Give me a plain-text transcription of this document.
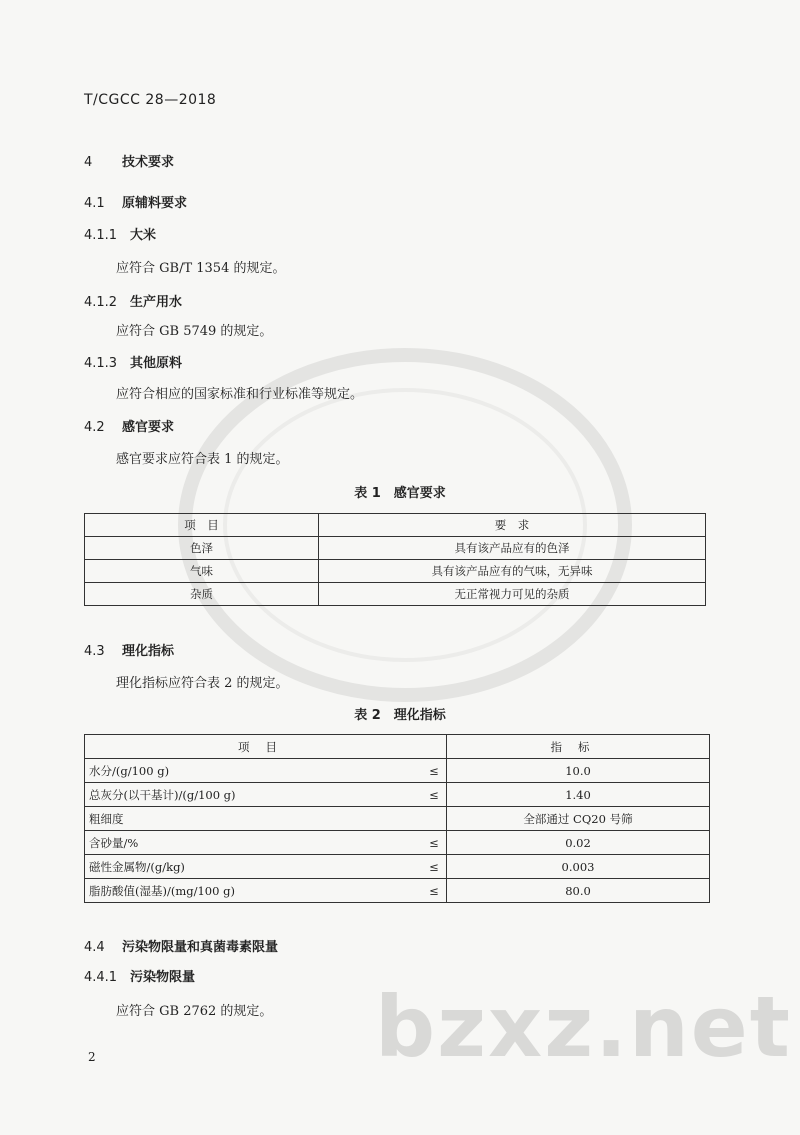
T/CGCC 28—2018
4 技术要求
4.1 原辅料要求
4.1.1 大米
应符合 GB/T 1354 的规定。
4.1.2 生产用水
应符合 GB 5749 的规定。
4.1.3 其他原料
应符合相应的国家标准和行业标准等规定。
4.2 感官要求
感官要求应符合表 1 的规定。
表 1　感官要求
项　目	要　求
色泽	具有该产品应有的色泽
气味	具有该产品应有的气味，无异味
杂质	无正常视力可见的杂质
4.3 理化指标
理化指标应符合表 2 的规定。
表 2　理化指标
项目		指标
水分/(g/100 g)	≤	10.0
总灰分(以干基计)/(g/100 g)	≤	1.40
粗细度		全部通过 CQ20 号筛
含砂量/%	≤	0.02
磁性金属物/(g/kg)	≤	0.003
脂肪酸值(湿基)/(mg/100 g)	≤	80.0
4.4 污染物限量和真菌毒素限量
4.4.1 污染物限量
应符合 GB 2762 的规定。 bzxz.net
2
